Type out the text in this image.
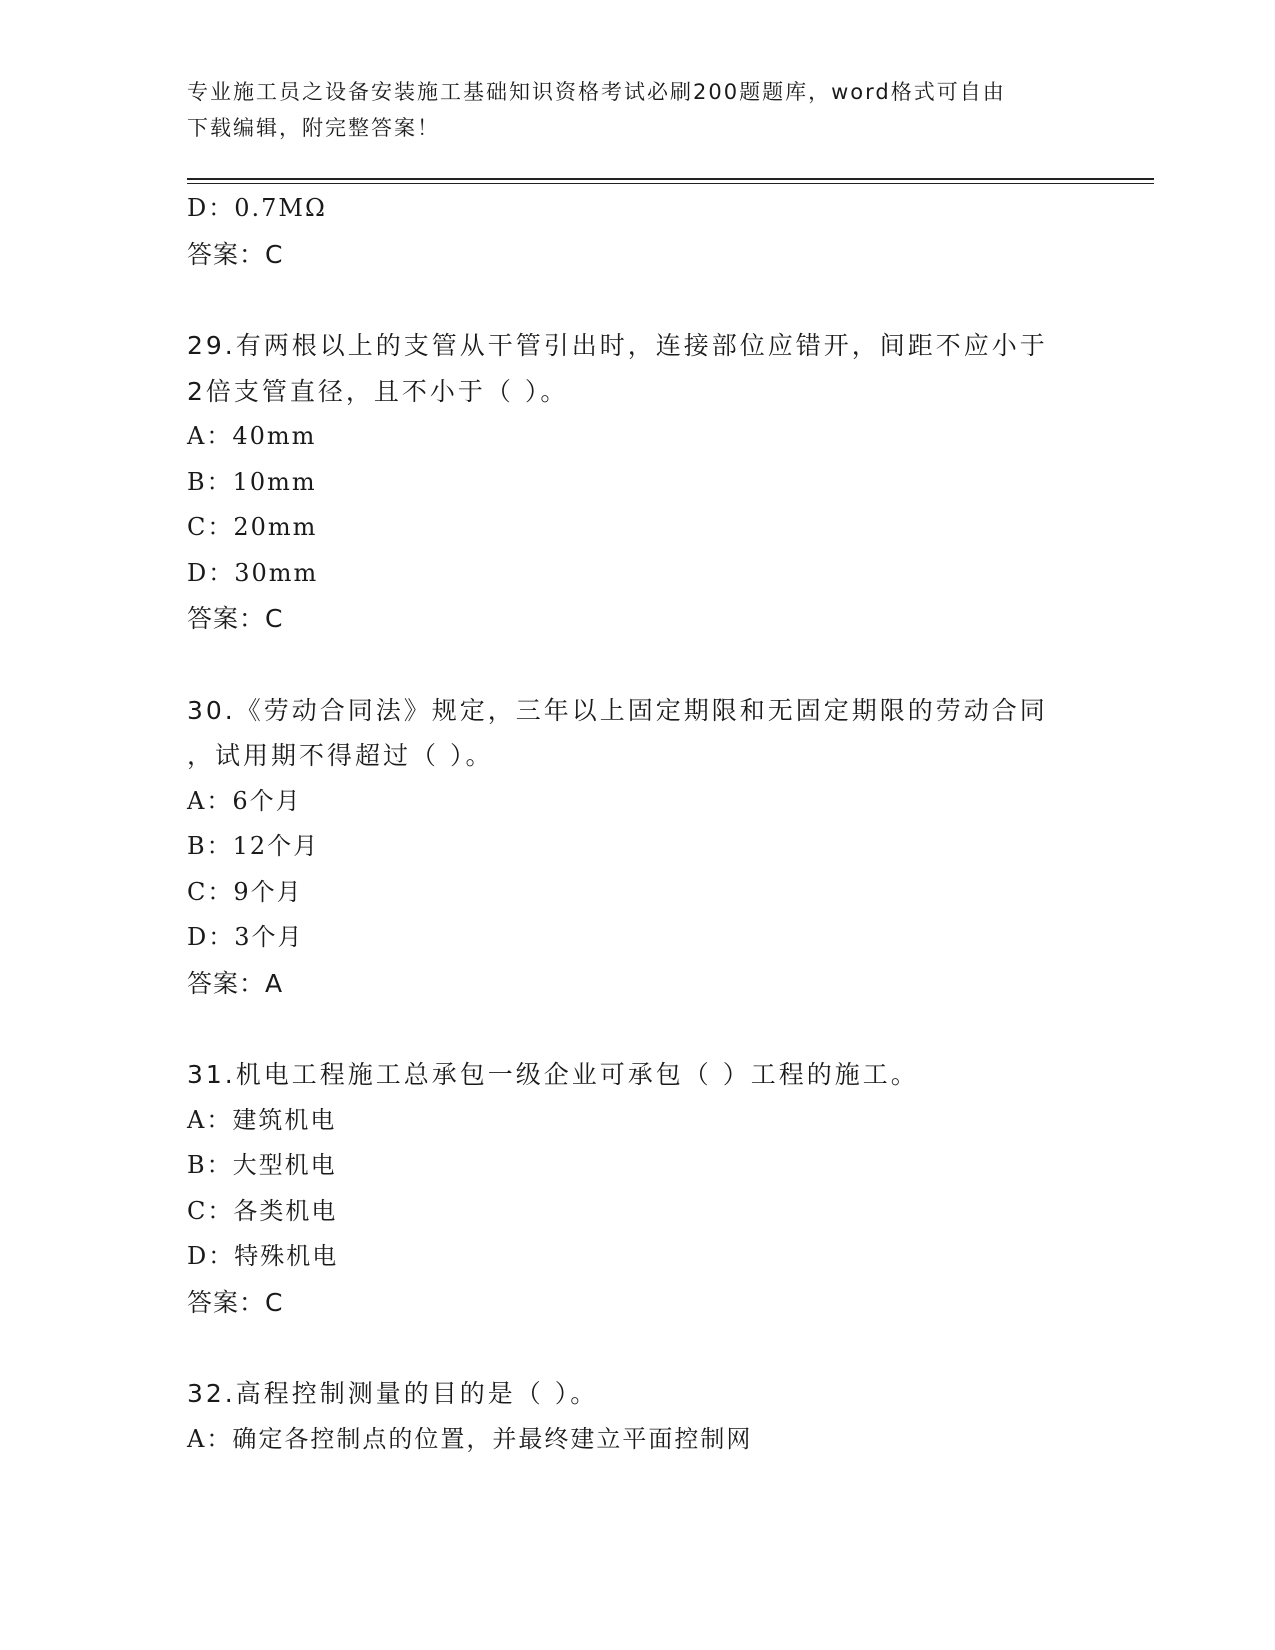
专业施工员之设备安装施工基础知识资格考试必刷200题题库，word格式可自由
下载编辑，附完整答案！
D：0.7MΩ
答案：C
29.有两根以上的支管从干管引出时，连接部位应错开，间距不应小于
2倍支管直径，且不小于（ ）。
A：40mm
B：10mm
C：20mm
D：30mm
答案：C
30.《劳动合同法》规定，三年以上固定期限和无固定期限的劳动合同
，试用期不得超过（ ）。
A：6个月
B：12个月
C：9个月
D：3个月
答案：A
31.机电工程施工总承包一级企业可承包（ ）工程的施工。
A：建筑机电
B：大型机电
C：各类机电
D：特殊机电
答案：C
32.高程控制测量的目的是（ ）。
A：确定各控制点的位置，并最终建立平面控制网
